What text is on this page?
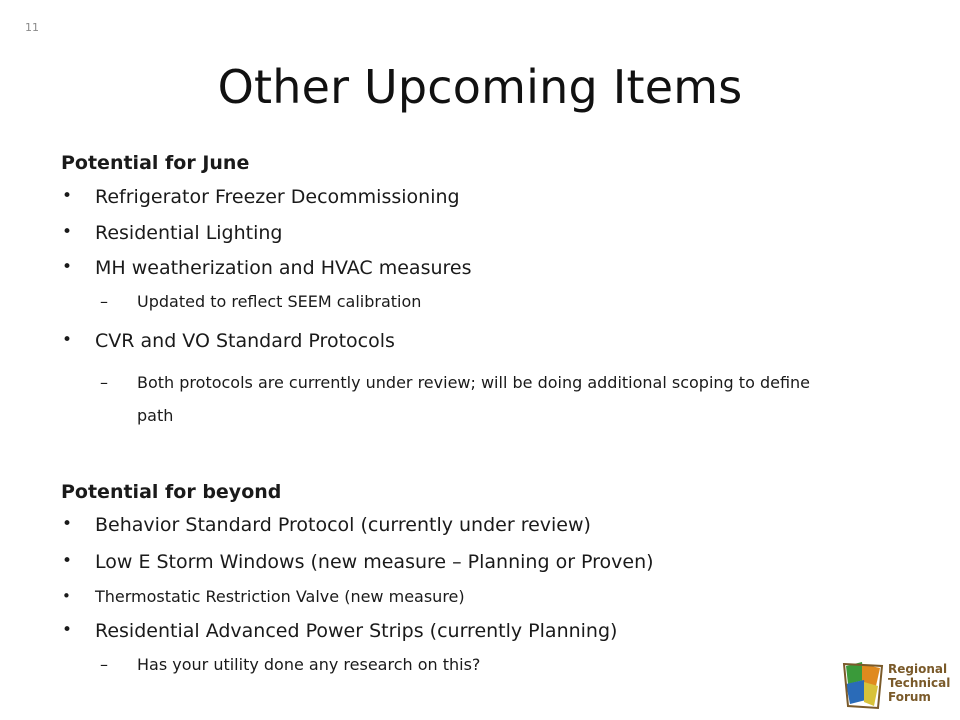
11
Other Upcoming Items
Potential for June
• Refrigerator Freezer Decommissioning
• Residential Lighting
• MH weatherization and HVAC measures
– Updated to reflect SEEM calibration
• CVR and VO Standard Protocols
– Both protocols are currently under review; will be doing additional scoping to define path
Potential for beyond
• Behavior Standard Protocol (currently under review)
• Low E Storm Windows (new measure – Planning or Proven)
• Thermostatic Restriction Valve (new measure)
• Residential Advanced Power Strips (currently Planning)
– Has your utility done any research on this?	Regional
Technical
Forum
